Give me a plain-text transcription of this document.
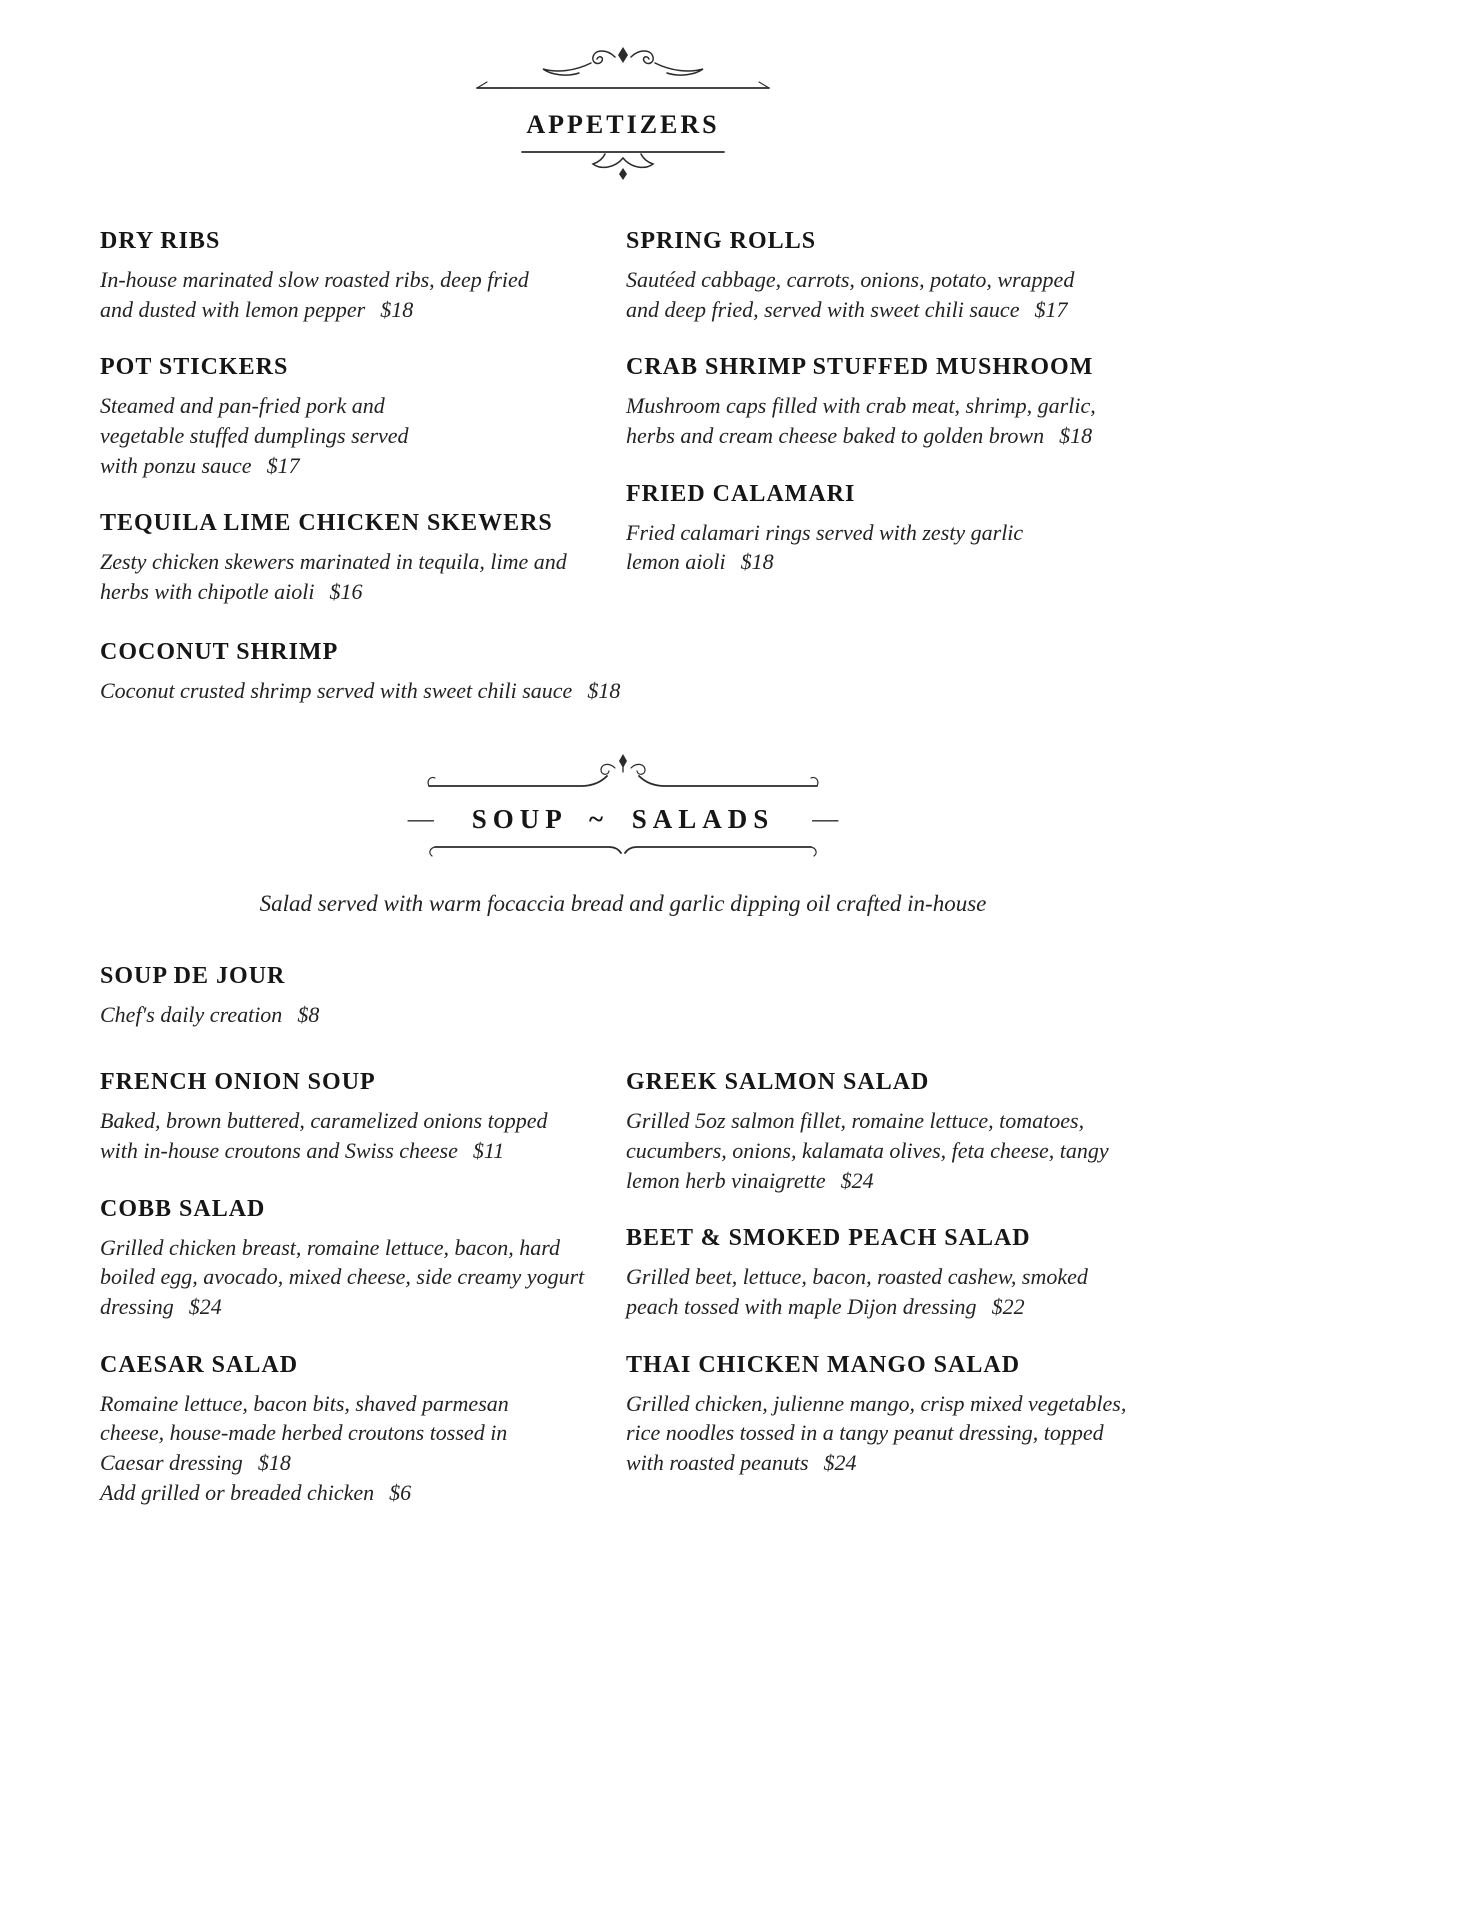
APPETIZERS
DRY RIBS

In-house marinated slow roasted ribs, deep fried and dusted with lemon pepper $18

POT STICKERS

Steamed and pan-fried pork and vegetable stuffed dumplings served with ponzu sauce $17

TEQUILA LIME CHICKEN SKEWERS

Zesty chicken skewers marinated in tequila, lime and herbs with chipotle aioli $16

SPRING ROLLS

Sautéed cabbage, carrots, onions, potato, wrapped and deep fried, served with sweet chili sauce $17

CRAB SHRIMP STUFFED MUSHROOM

Mushroom caps filled with crab meat, shrimp, garlic, herbs and cream cheese baked to golden brown $18

FRIED CALAMARI

Fried calamari rings served with zesty garlic lemon aioli $18

COCONUT SHRIMP

Coconut crusted shrimp served with sweet chili sauce $18

— SOUP ~ SALADS —

Salad served with warm focaccia bread and garlic dipping oil crafted in-house

SOUP DE JOUR

Chef's daily creation $8

FRENCH ONION SOUP

Baked, brown buttered, caramelized onions topped with in-house croutons and Swiss cheese $11

COBB SALAD

Grilled chicken breast, romaine lettuce, bacon, hard boiled egg, avocado, mixed cheese, side creamy yogurt dressing $24

CAESAR SALAD

Romaine lettuce, bacon bits, shaved parmesan cheese, house-made herbed croutons tossed in Caesar dressing $18

Add grilled or breaded chicken $6

GREEK SALMON SALAD

Grilled 5oz salmon fillet, romaine lettuce, tomatoes, cucumbers, onions, kalamata olives, feta cheese, tangy lemon herb vinaigrette $24

BEET & SMOKED PEACH SALAD

Grilled beet, lettuce, bacon, roasted cashew, smoked peach tossed with maple Dijon dressing $22

THAI CHICKEN MANGO SALAD

Grilled chicken, julienne mango, crisp mixed vegetables, rice noodles tossed in a tangy peanut dressing, topped with roasted peanuts $24
